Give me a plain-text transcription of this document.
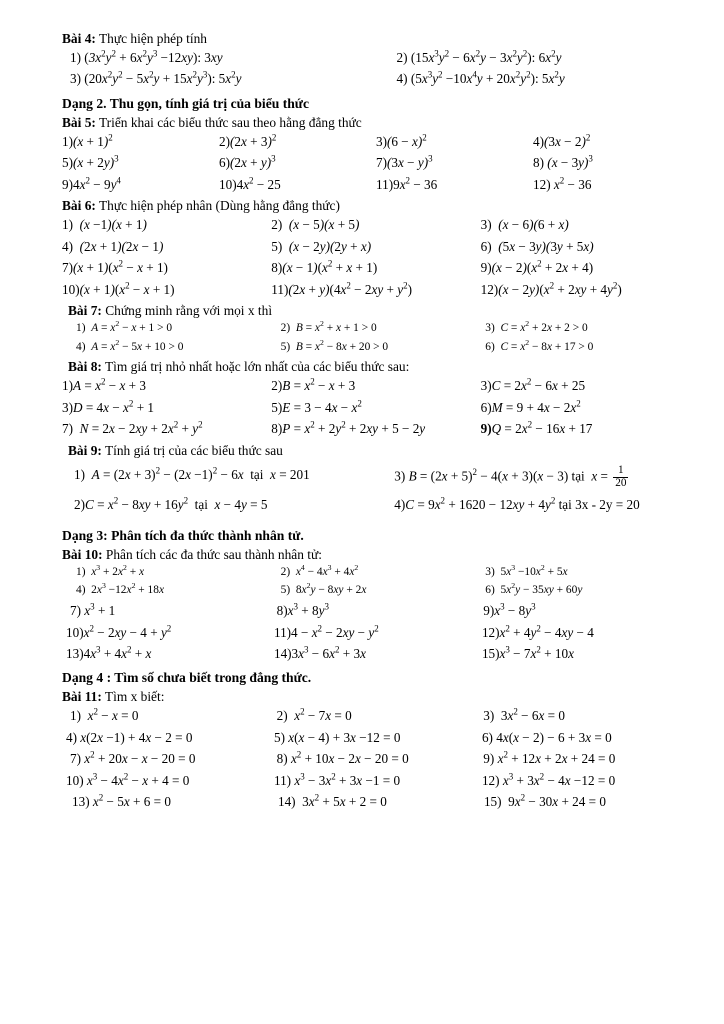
Bài 4: Thực hiện phép tính
1) $(3x^2y^2 + 6x^2y^3 -12xy)$: 3xy	2) $(15x^3y^2 - 6x^2y - 3x^2y^2)$: $6x^2y$
3) $(20x^2y^2 - 5x^2y + 15x^2y^3)$: $5x^2y$	4) $(5x^3y^2 -10x^4y + 20x^2y^2)$: $5x^2y$
Dạng 2. Thu gọn, tính giá trị của biểu thức
Bài 5: Triển khai các biểu thức sau theo hằng đẳng thức
$1)(x + 1)^2$	$2)(2x + 3)^2$	$3)(6 - x)^2$	$4)(3x - 2)^2$
$5)(x + 2y)^3$	$6)(2x + y)^3$	$7)(3x - y)^3$	8) $(x - 3y)^3$
$9)4x^2 - 9y^4$	$10)4x^2 - 25$	$11)9x^2 - 36$	12) $x^2 - 36$
Bài 6: Thực hiện phép nhân (Dùng hằng đẳng thức)
1)  (x −1)(x + 1)	2)  (x − 5)(x + 5)	3)  (x − 6)(6 + x)
4)  (2x + 1)(2x − 1)	5)  (x − 2y)(2y + x)	6)  (5x − 3y)(3y + 5x)
$7)(x + 1)(x^2 - x + 1)$	$8)(x - 1)(x^2 + x + 1)$	$9)(x - 2)(x^2 + 2x + 4)$
$10)(x + 1)(x^2 - x + 1)$	$11)(2x + y)(4x^2 - 2xy + y^2)$	$12)(x - 2y)(x^2 + 2xy + 4y^2)$
Bài 7: Chứng minh rằng với mọi x thì
1)  $A = x^2 - x + 1 > 0$	2)  $B = x^2 + x + 1 > 0$	3)  $C = x^2 + 2x + 2 > 0$
4)  $A = x^2 - 5x + 10 > 0$	5)  $B = x^2 - 8x + 20 > 0$	6)  $C = x^2 - 8x + 17 > 0$
Bài 8: Tìm giá trị nhỏ nhất hoặc lớn nhất của các biểu thức sau:
$1)A = x^2 - x + 3$	$2)B = x^2 - x + 3$	$3)C = 2x^2 - 6x + 25$
$3)D = 4x - x^2 + 1$	$5)E = 3 - 4x - x^2$	$6)M = 9 + 4x - 2x^2$
7)  $N = 2x - 2xy + 2x^2 + y^2$	$8)P = x^2 + 2y^2 + 2xy + 5 - 2y$	$9)Q = 2x^2 - 16x + 17$
Bài 9: Tính giá trị của các biểu thức sau
1)  $A = (2x + 3)^2 - (2x -1)^2 - 6x$  tại  x = 201	3) $B = (2x + 5)^2 - 4(x + 3)(x - 3)$ tại  $x = \frac{1}{20}$
$2)C = x^2 - 8xy + 16y^2$  tại  x − 4y = 5	$4)C = 9x^2 + 1620 - 12xy + 4y^2$ tại 3x - 2y = 20
Dạng 3: Phân tích đa thức thành nhân tử.
Bài 10: Phân tích các đa thức sau thành nhân tử:
1)  $x^3 + 2x^2 + x$	2)  $x^4 - 4x^3 + 4x^2$	3)  $5x^3 -10x^2 + 5x$
4)  $2x^3 -12x^2 + 18x$	5)  $8x^2y - 8xy + 2x$	6)  $5x^2y - 35xy + 60y$
7) $x^3 + 1$	$8)x^3 + 8y^3$	$9)x^3 - 8y^3$
$10)x^2 - 2xy - 4 + y^2$	$11)4 - x^2 - 2xy - y^2$	$12)x^2 + 4y^2 - 4xy - 4$
$13)4x^3 + 4x^2 + x$	$14)3x^3 - 6x^2 + 3x$	$15)x^3 - 7x^2 + 10x$
Dạng 4 : Tìm số chưa biết trong đẳng thức.
Bài 11: Tìm x biết:
1)  $x^2 - x = 0$	2)  $x^2 - 7x = 0$	3)  $3x^2 - 6x = 0$
4) x(2x −1) + 4x − 2 = 0	5) x(x − 4) + 3x −12 = 0	6) 4x(x − 2) − 6 + 3x = 0
7) $x^2 + 20x - x - 20 = 0$	8) $x^2 + 10x - 2x - 20 = 0$	9) $x^2 + 12x + 2x + 24 = 0$
10) $x^3 - 4x^2 - x + 4 = 0$	11) $x^3 - 3x^2 + 3x -1 = 0$	12) $x^3 + 3x^2 - 4x -12 = 0$
13) $x^2 - 5x + 6 = 0$	14)  $3x^2 + 5x + 2 = 0$	15)  $9x^2 - 30x + 24 = 0$
